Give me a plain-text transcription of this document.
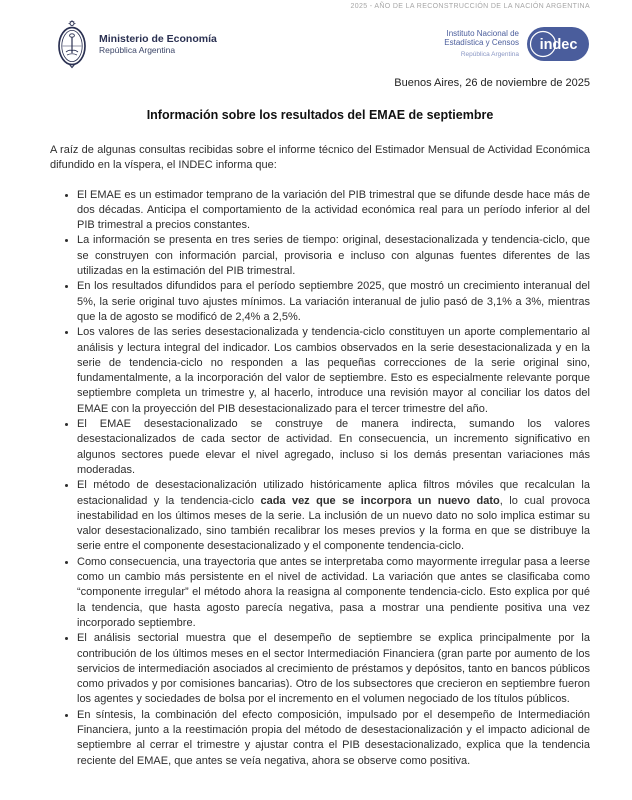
2025 - AÑO DE LA RECONSTRUCCIÓN DE LA NACIÓN ARGENTINA
Ministerio de Economía
República Argentina
Instituto Nacional de
Estadística y Censos
República Argentina
indec
Buenos Aires, 26 de noviembre de 2025
Información sobre los resultados del EMAE de septiembre

A raíz de algunas consultas recibidas sobre el informe técnico del Estimador Mensual de Actividad Económica difundido en la víspera, el INDEC informa que:

• El EMAE es un estimador temprano de la variación del PIB trimestral que se difunde desde hace más de dos décadas. Anticipa el comportamiento de la actividad económica real para un período inferior al del PIB trimestral a precios constantes.
• La información se presenta en tres series de tiempo: original, desestacionalizada y tendencia-ciclo, que se construyen con información parcial, provisoria e incluso con algunas fuentes diferentes de las utilizadas en la estimación del PIB trimestral.
• En los resultados difundidos para el período septiembre 2025, que mostró un crecimiento interanual del 5%, la serie original tuvo ajustes mínimos. La variación interanual de julio pasó de 3,1% a 3%, mientras que la de agosto se modificó de 2,4% a 2,5%.
• Los valores de las series desestacionalizada y tendencia-ciclo constituyen un aporte complementario al análisis y lectura integral del indicador. Los cambios observados en la serie desestacionalizada y en la serie de tendencia-ciclo no responden a las pequeñas correcciones de la serie original sino, fundamentalmente, a la incorporación del valor de septiembre. Esto es especialmente relevante porque septiembre completa un trimestre y, al hacerlo, introduce una revisión mayor al conciliar los datos del EMAE con la proyección del PIB desestacionalizado para el tercer trimestre del año.
• El EMAE desestacionalizado se construye de manera indirecta, sumando los valores desestacionalizados de cada sector de actividad. En consecuencia, un incremento significativo en algunos sectores puede elevar el nivel agregado, incluso si los demás presentan variaciones más moderadas.
• El método de desestacionalización utilizado históricamente aplica filtros móviles que recalculan la estacionalidad y la tendencia-ciclo cada vez que se incorpora un nuevo dato, lo cual provoca inestabilidad en los últimos meses de la serie. La inclusión de un nuevo dato no solo implica estimar su valor desestacionalizado, sino también recalibrar los meses previos y la forma en que se distribuye la serie entre el componente desestacionalizado y el componente tendencia-ciclo.
• Como consecuencia, una trayectoria que antes se interpretaba como mayormente irregular pasa a leerse como un cambio más persistente en el nivel de actividad. La variación que antes se clasificaba como “componente irregular” el método ahora la reasigna al componente tendencia-ciclo. Esto explica por qué la tendencia, que hasta agosto parecía negativa, pasa a mostrar una pendiente positiva una vez incorporado septiembre.
• El análisis sectorial muestra que el desempeño de septiembre se explica principalmente por la contribución de los últimos meses en el sector Intermediación Financiera (gran parte por aumento de los servicios de intermediación asociados al crecimiento de préstamos y depósitos, tanto en bancos públicos como privados y por comisiones bancarias). Otro de los subsectores que crecieron en septiembre fueron los agentes y sociedades de bolsa por el incremento en el volumen negociado de los títulos públicos.
• En síntesis, la combinación del efecto composición, impulsado por el desempeño de Intermediación Financiera, junto a la reestimación propia del método de desestacionalización y el impacto adicional de septiembre al cerrar el trimestre y ajustar contra el PIB desestacionalizado, explica que la tendencia reciente del EMAE, que antes se veía negativa, ahora se observe como positiva.
